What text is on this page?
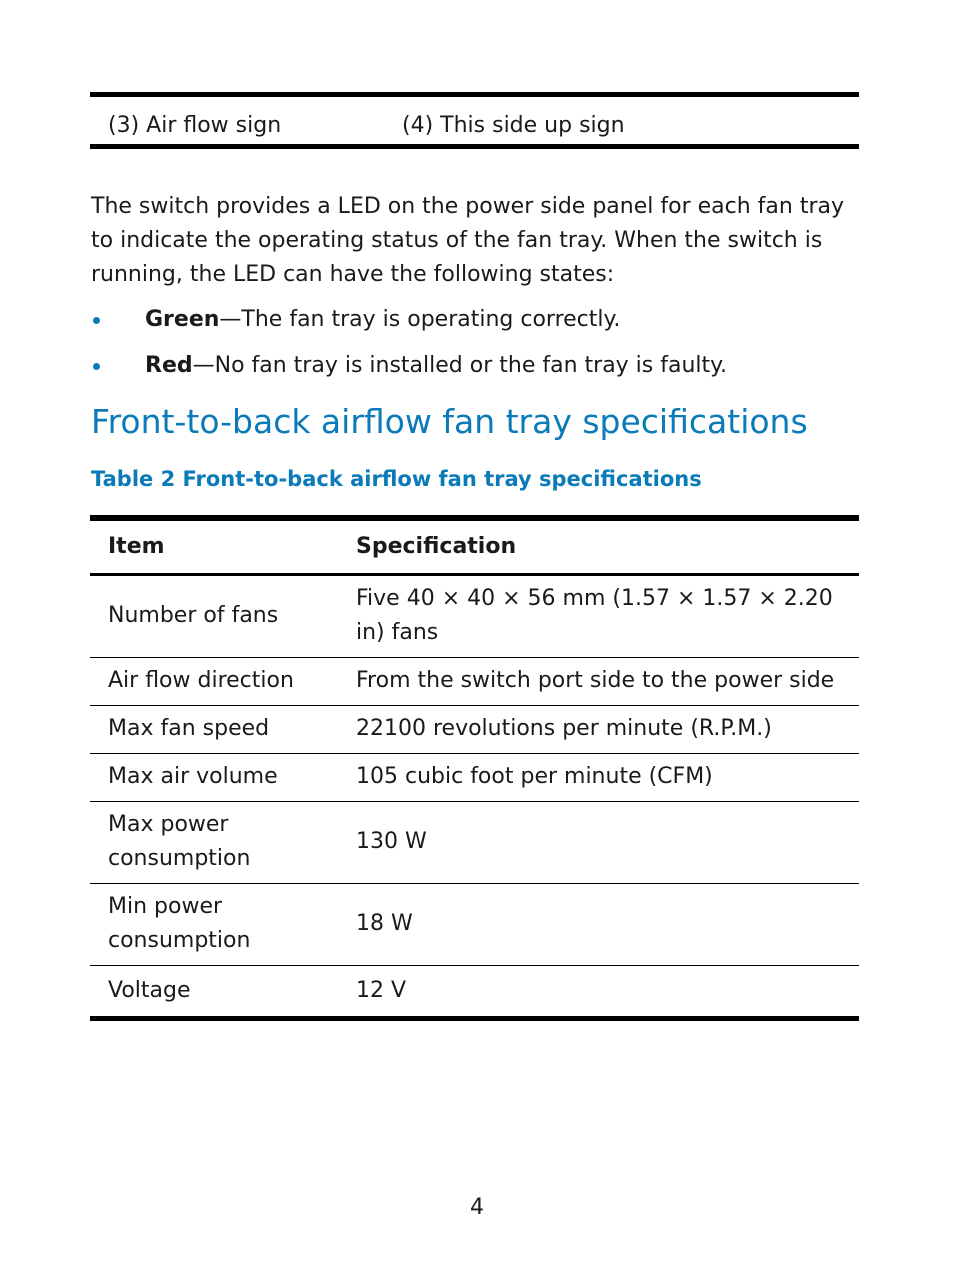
(3) Air flow sign	(4) This side up sign

The switch provides a LED on the power side panel for each fan tray to indicate the operating status of the fan tray. When the switch is running, the LED can have the following states:

Green—The fan tray is operating correctly.
Red—No fan tray is installed or the fan tray is faulty.
Front-to-back airflow fan tray specifications

Table 2 Front-to-back airflow fan tray specifications

Item	Specification
Number of fans	Five 40 × 40 × 56 mm (1.57 × 1.57 × 2.20 in) fans
Air flow direction	From the switch port side to the power side
Max fan speed	22100 revolutions per minute (R.P.M.)
Max air volume	105 cubic foot per minute (CFM)
Max power consumption	130 W
Min power consumption	18 W
Voltage	12 V
4
